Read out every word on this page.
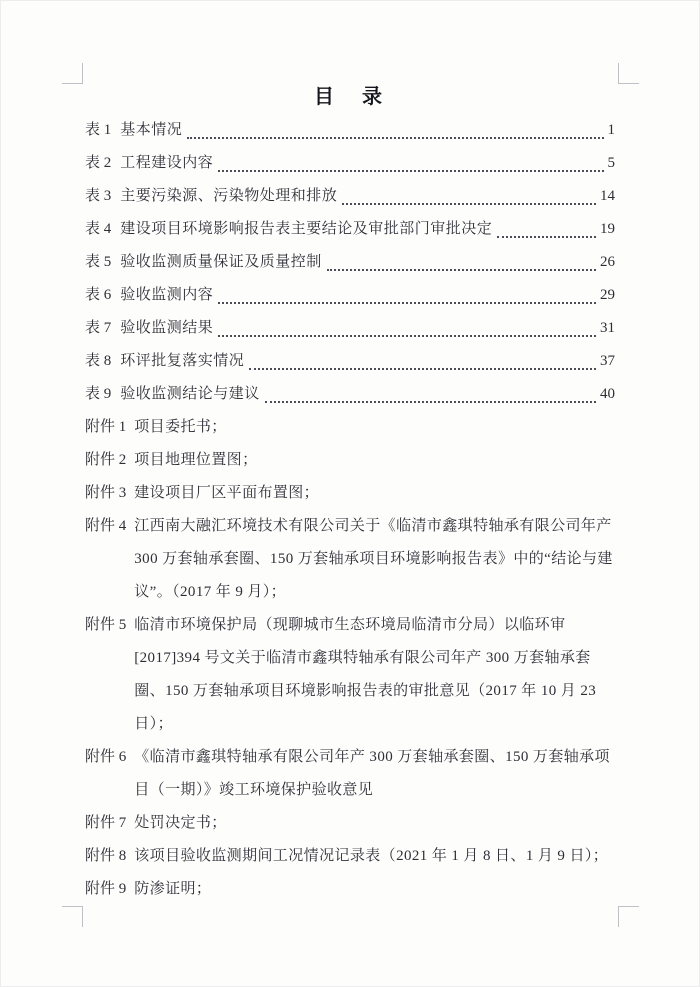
目　录
表 1 基本情况	1
表 2 工程建设内容	5
表 3 主要污染源、污染物处理和排放	14
表 4 建设项目环境影响报告表主要结论及审批部门审批决定	19
表 5 验收监测质量保证及质量控制	26
表 6 验收监测内容	29
表 7 验收监测结果	31
表 8 环评批复落实情况	37
表 9 验收监测结论与建议	40
附件 1 项目委托书；
附件 2 项目地理位置图；
附件 3 建设项目厂区平面布置图；
附件 4 江西南大融汇环境技术有限公司关于《临清市鑫琪特轴承有限公司年产 300 万套轴承套圈、150 万套轴承项目环境影响报告表》中的“结论与建议”。（2017 年 9 月）；
附件 5 临清市环境保护局（现聊城市生态环境局临清市分局）以临环审[2017]394 号文关于临清市鑫琪特轴承有限公司年产 300 万套轴承套圈、150 万套轴承项目环境影响报告表的审批意见（2017 年 10 月 23 日）；
附件 6 《临清市鑫琪特轴承有限公司年产 300 万套轴承套圈、150 万套轴承项目（一期）》竣工环境保护验收意见
附件 7 处罚决定书；
附件 8 该项目验收监测期间工况情况记录表（2021 年 1 月 8 日、1 月 9 日）；
附件 9 防渗证明；
